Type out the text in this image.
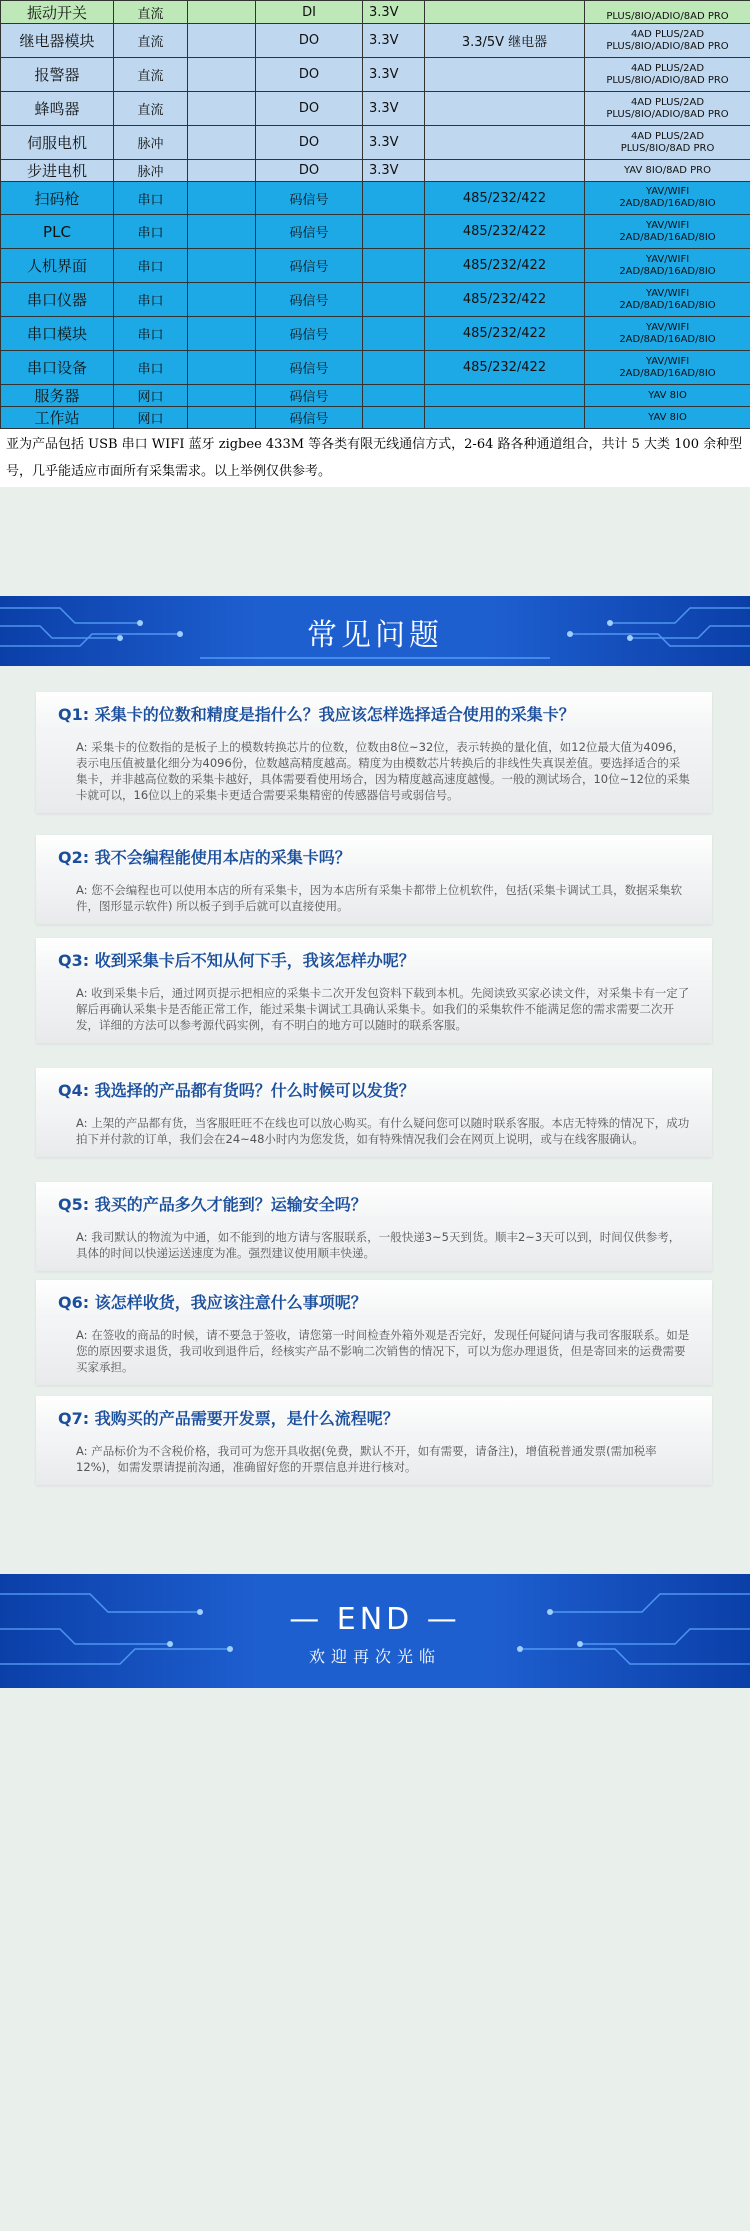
振动开关	直流		DI	3.3V		PLUS/8IO/ADIO/8AD PRO
继电器模块	直流		DO	3.3V	3.3/5V 继电器	4AD PLUS/2AD
PLUS/8IO/ADIO/8AD PRO

报警器	直流		DO	3.3V		4AD PLUS/2AD
PLUS/8IO/ADIO/8AD PRO

蜂鸣器	直流		DO	3.3V		4AD PLUS/2AD
PLUS/8IO/ADIO/8AD PRO

伺服电机	脉冲		DO	3.3V		4AD PLUS/2AD
PLUS/8IO/8AD PRO

步进电机	脉冲		DO	3.3V		YAV 8IO/8AD PRO

扫码枪	串口		码信号		485/232/422	YAV/WIFI
2AD/8AD/16AD/8IO

PLC	串口		码信号		485/232/422	YAV/WIFI
2AD/8AD/16AD/8IO

人机界面	串口		码信号		485/232/422	YAV/WIFI
2AD/8AD/16AD/8IO

串口仪器	串口		码信号		485/232/422	YAV/WIFI
2AD/8AD/16AD/8IO

串口模块	串口		码信号		485/232/422	YAV/WIFI
2AD/8AD/16AD/8IO

串口设备	串口		码信号		485/232/422	YAV/WIFI
2AD/8AD/16AD/8IO

服务器	网口		码信号			YAV 8IO

工作站	网口		码信号			YAV 8IO
亚为产品包括 USB 串口 WIFI 蓝牙 zigbee 433M 等各类有限无线通信方式，2-64 路各种通道组合，共计 5 大类 100 余种型号，几乎能适应市面所有采集需求。以上举例仅供参考。
常见问题
Q1: 采集卡的位数和精度是指什么？我应该怎样选择适合使用的采集卡？
A: 采集卡的位数指的是板子上的模数转换芯片的位数，位数由8位~32位，表示转换的量化值，如12位最大值为4096，表示电压值被量化细分为4096份，位数越高精度越高。精度为由模数芯片转换后的非线性失真误差值。要选择适合的采集卡，并非越高位数的采集卡越好，具体需要看使用场合，因为精度越高速度越慢。一般的测试场合，10位~12位的采集卡就可以，16位以上的采集卡更适合需要采集精密的传感器信号或弱信号。
Q2: 我不会编程能使用本店的采集卡吗？
A: 您不会编程也可以使用本店的所有采集卡，因为本店所有采集卡都带上位机软件，包括(采集卡调试工具，数据采集软件，图形显示软件) 所以板子到手后就可以直接使用。
Q3: 收到采集卡后不知从何下手，我该怎样办呢？
A: 收到采集卡后，通过网页提示把相应的采集卡二次开发包资料下载到本机。先阅读致买家必读文件，对采集卡有一定了解后再确认采集卡是否能正常工作，能过采集卡调试工具确认采集卡。如我们的采集软件不能满足您的需求需要二次开发，详细的方法可以参考源代码实例，有不明白的地方可以随时的联系客服。
Q4: 我选择的产品都有货吗？什么时候可以发货？
A: 上架的产品都有货，当客服旺旺不在线也可以放心购买。有什么疑问您可以随时联系客服。本店无特殊的情况下，成功拍下并付款的订单，我们会在24~48小时内为您发货，如有特殊情况我们会在网页上说明，或与在线客服确认。
Q5: 我买的产品多久才能到？运输安全吗？
A: 我司默认的物流为中通，如不能到的地方请与客服联系，一般快递3~5天到货。顺丰2~3天可以到，时间仅供参考，具体的时间以快递运送速度为准。强烈建议使用顺丰快递。
Q6: 该怎样收货，我应该注意什么事项呢？
A: 在签收的商品的时候，请不要急于签收，请您第一时间检查外箱外观是否完好，发现任何疑问请与我司客服联系。如是您的原因要求退货，我司收到退件后，经核实产品不影响二次销售的情况下，可以为您办理退货，但是寄回来的运费需要买家承担。
Q7: 我购买的产品需要开发票，是什么流程呢？
A: 产品标价为不含税价格，我司可为您开具收据(免费，默认不开，如有需要，请备注)，增值税普通发票(需加税率12%)，如需发票请提前沟通，准确留好您的开票信息并进行核对。
— END —
欢迎再次光临
